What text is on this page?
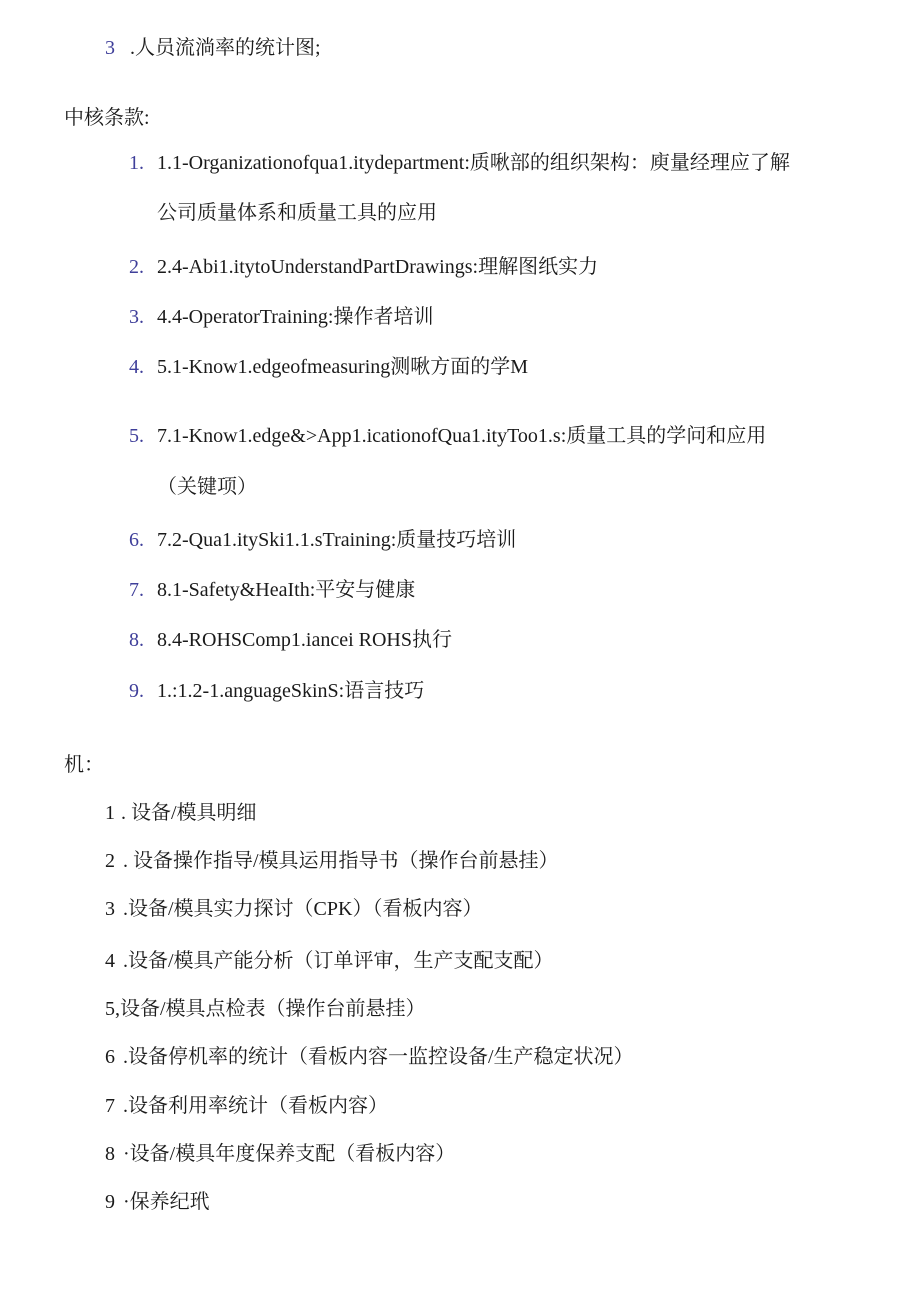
3 .人员流淌率的统计图;
中核条款:
1. 1.1-Organizationofqua1.itydepartment:质啾部的组织架构：庾量经理应了解
公司质量体系和质量工具的应用
2. 2.4-Abi1.itytoUnderstandPartDrawings:理解图纸实力
3. 4.4-OperatorTraining:操作者培训
4. 5.1-Know1.edgeofmeasuring测啾方面的学M
5. 7.1-Know1.edge&>App1.icationofQua1.ityToo1.s:质量工具的学问和应用
（关键项）
6. 7.2-Qua1.itySki1.1.sTraining:质量技巧培训
7. 8.1-Safety&HeaIth:平安与健康
8. 8.4-ROHSComp1.iancei ROHS执行
9. 1.:1.2-1.anguageSkinS:语言技巧
机：
1 . 设备/模具明细
2 . 设备操作指导/模具运用指导书（操作台前悬挂）
3 .设备/模具实力探讨（CPK）（看板内容）
4 .设备/模具产能分析（订单评审，生产支配支配）
5,设备/模具点检表（操作台前悬挂）
6 .设备停机率的统计（看板内容一监控设备/生产稳定状况）
7 .设备利用率统计（看板内容）
8 ·设备/模具年度保养支配（看板内容）
9 ·保养纪玳
